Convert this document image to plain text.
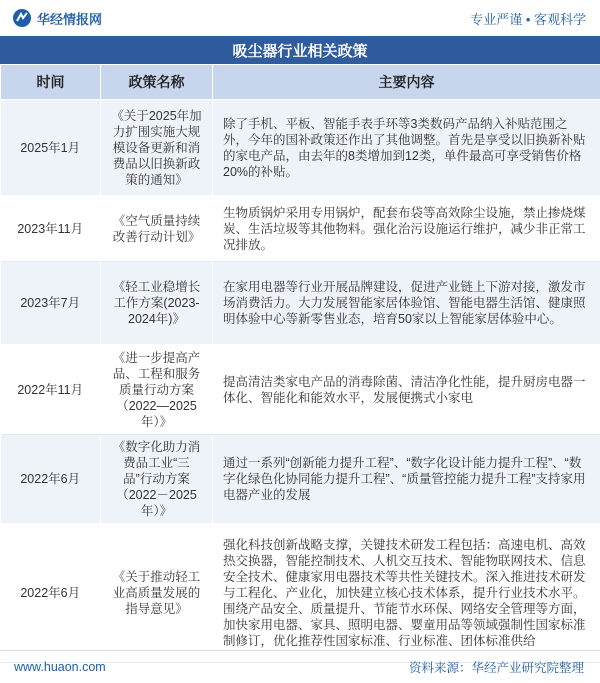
华经情报网	专业严谨 • 客观科学
吸尘器行业相关政策
时间	政策名称	主要内容
2025年1月	《关于2025年加力扩围实施大规模设备更新和消费品以旧换新政策的通知》	除了手机、平板、智能手表手环等3类数码产品纳入补贴范围之外，今年的国补政策还作出了其他调整。首先是享受以旧换新补贴的家电产品，由去年的8类增加到12类，单件最高可享受销售价格20%的补贴。
2023年11月	《空气质量持续改善行动计划》	生物质锅炉采用专用锅炉，配套布袋等高效除尘设施，禁止掺烧煤炭、生活垃圾等其他物料。强化治污设施运行维护，减少非正常工况排放。
2023年7月	《轻工业稳增长工作方案(2023-2024年)》	在家用电器等行业开展品牌建设，促进产业链上下游对接，激发市场消费活力。大力发展智能家居体验馆、智能电器生活馆、健康照明体验中心等新零售业态，培育50家以上智能家居体验中心。
2022年11月	《进一步提高产品、工程和服务质量行动方案（2022—2025年）》	提高清洁类家电产品的消毒除菌、清洁净化性能，提升厨房电器一体化、智能化和能效水平，发展便携式小家电
2022年6月	《数字化助力消费品工业“三品”行动方案（2022－2025年）》	通过一系列“创新能力提升工程”、“数字化设计能力提升工程”、“数字化绿色化协同能力提升工程”、“质量管控能力提升工程”支持家用电器产业的发展
2022年6月	《关于推动轻工业高质量发展的指导意见》	强化科技创新战略支撑，关键技术研发工程包括：高速电机、高效热交换器，智能控制技术、人机交互技术、智能物联网技术、信息安全技术、健康家用电器技术等共性关键技术。深入推进技术研发与工程化、产业化，加快建立核心技术体系，提升行业技术水平。围绕产品安全、质量提升、节能节水环保、网络安全管理等方面，加快家用电器、家具、照明电器、婴童用品等领域强制性国家标准制修订，优化推荐性国家标准、行业标准、团体标准供给
www.huaon.com	资料来源：华经产业研究院整理
